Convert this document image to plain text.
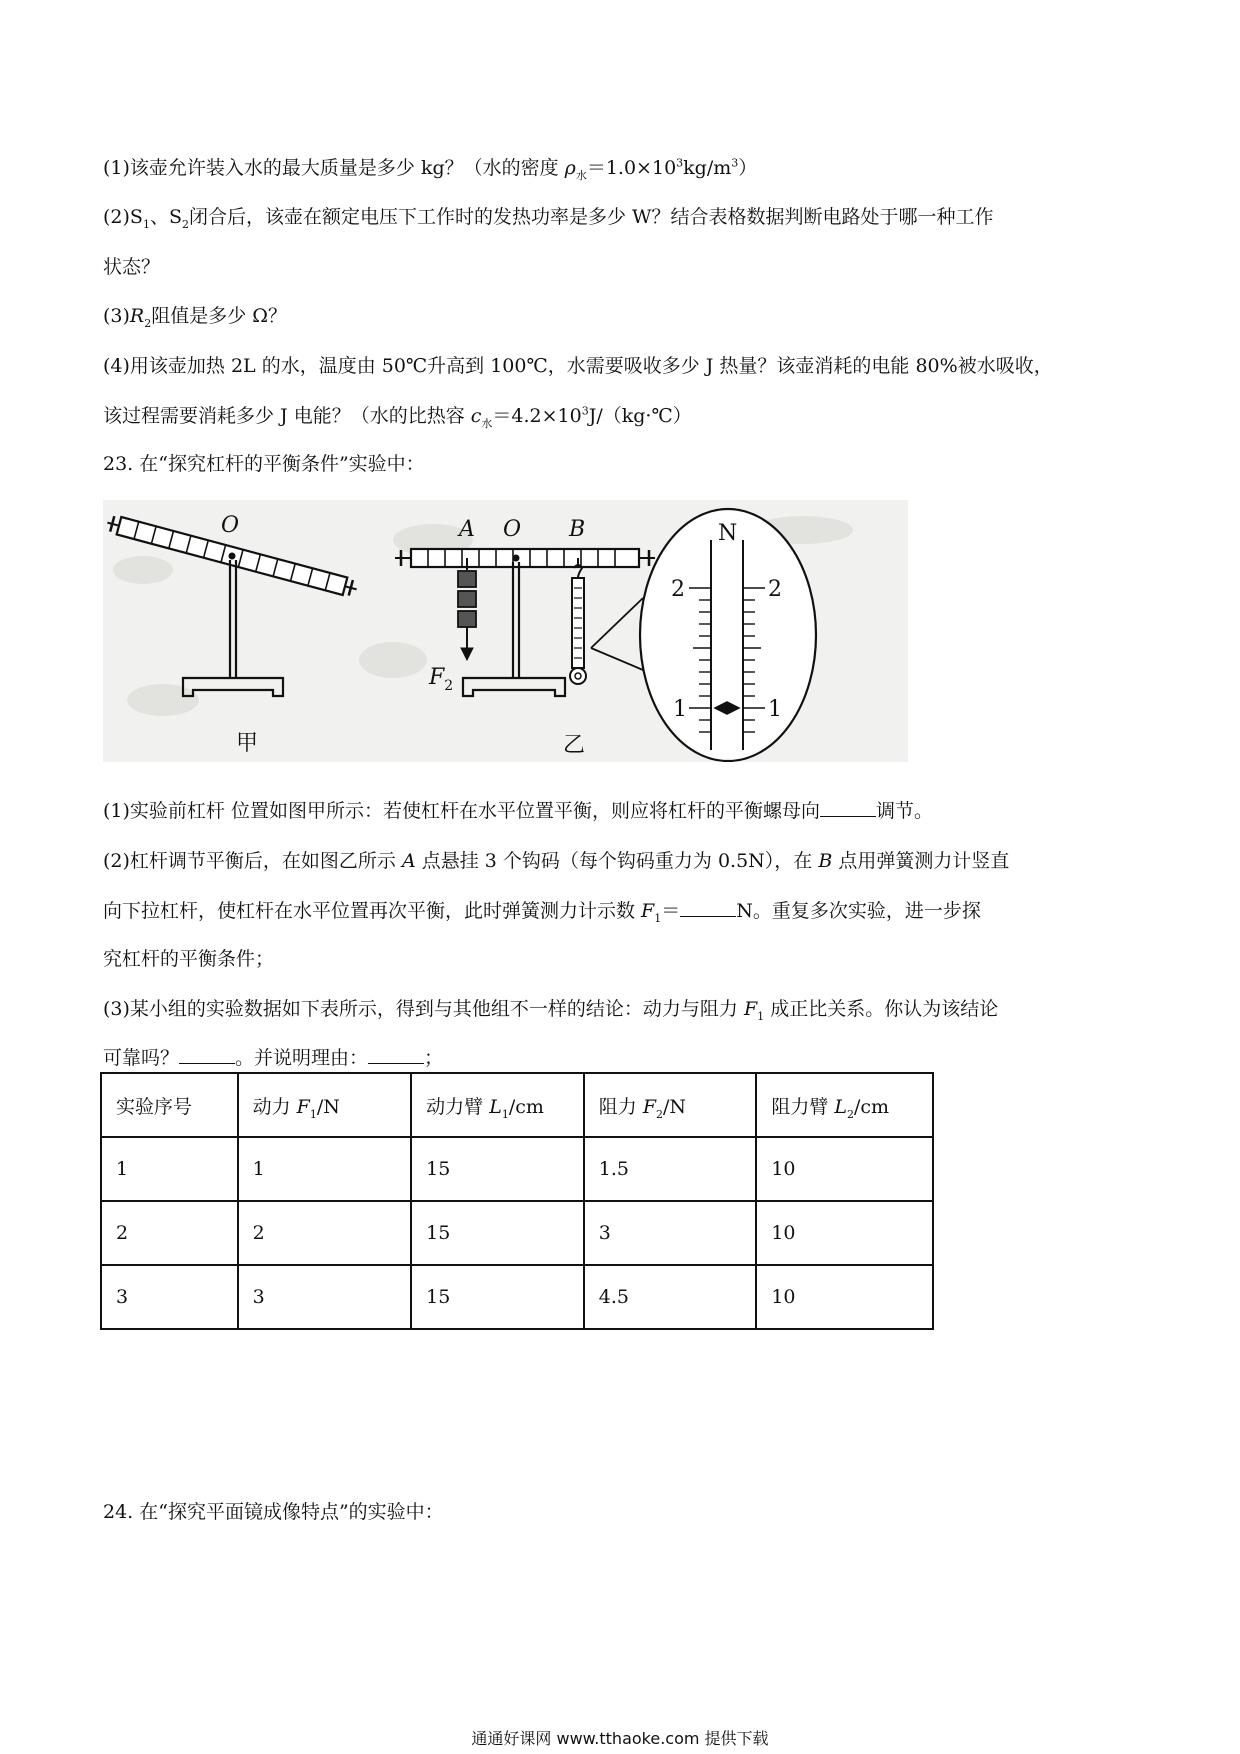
(1)该壶允许装入水的最大质量是多少 kg？（水的密度 $\rho_水=1.0\times 10^3kg/m^3$）
$(2)S_1$、$S_2$闭合后，该壶在额定电压下工作时的发热功率是多少 W？结合表格数据判断电路处于哪一种工作
状态？
$(3)R_2$阻值是多少 Ω？
(4)用该壶加热 2L 的水，温度由 50℃升高到 100℃，水需要吸收多少 J 热量？该壶消耗的电能 80%被水吸收，
该过程需要消耗多少 J 电能？（水的比热容 $c_水=4.2\times 10^3J/(kg\cdot℃)$
23. 在“探究杠杆的平衡条件”实验中：
O
甲
A O B
$F_2$
N
2	2
1	1
乙
(1)实验前杠杆 位置如图甲所示：若使杠杆在水平位置平衡，则应将杠杆的平衡螺母向	调节。
(2)杠杆调节平衡后，在如图乙所示 A 点悬挂 3 个钩码（每个钩码重力为 0.5N），在 B 点用弹簧测力计竖直
向下拉杠杆，使杠杆在水平位置再次平衡，此时弹簧测力计示数 $F_1=$	N。重复多次实验，进一步探
究杠杆的平衡条件；
(3)某小组的实验数据如下表所示，得到与其他组不一样的结论：动力与阻力 $F_1$ 成正比关系。你认为该结论
可靠吗？	。并说明理由：	；
实验序号	动力 $F_1/N$	动力臂 $L_1/cm$	阻力 $F_2/N$	阻力臂 $L_2/cm$
1	1	15	1.5	10
2	2	15	3	10
3	3	15	4.5	10
24. 在“探究平面镜成像特点”的实验中：
通通好课网 www.tthaoke.com 提供下载
